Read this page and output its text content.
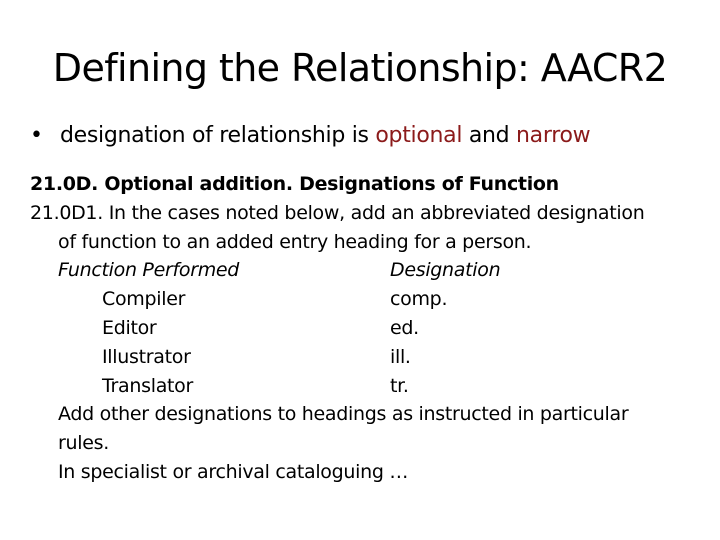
Defining the Relationship: AACR2
• designation of relationship is optional and narrow
21.0D. Optional addition. Designations of Function
21.0D1. In the cases noted below, add an abbreviated designation
of function to an added entry heading for a person.
Function Performed	Designation
Compiler	comp.
Editor	ed.
Illustrator	ill.
Translator	tr.
Add other designations to headings as instructed in particular
rules.
In specialist or archival cataloguing …
